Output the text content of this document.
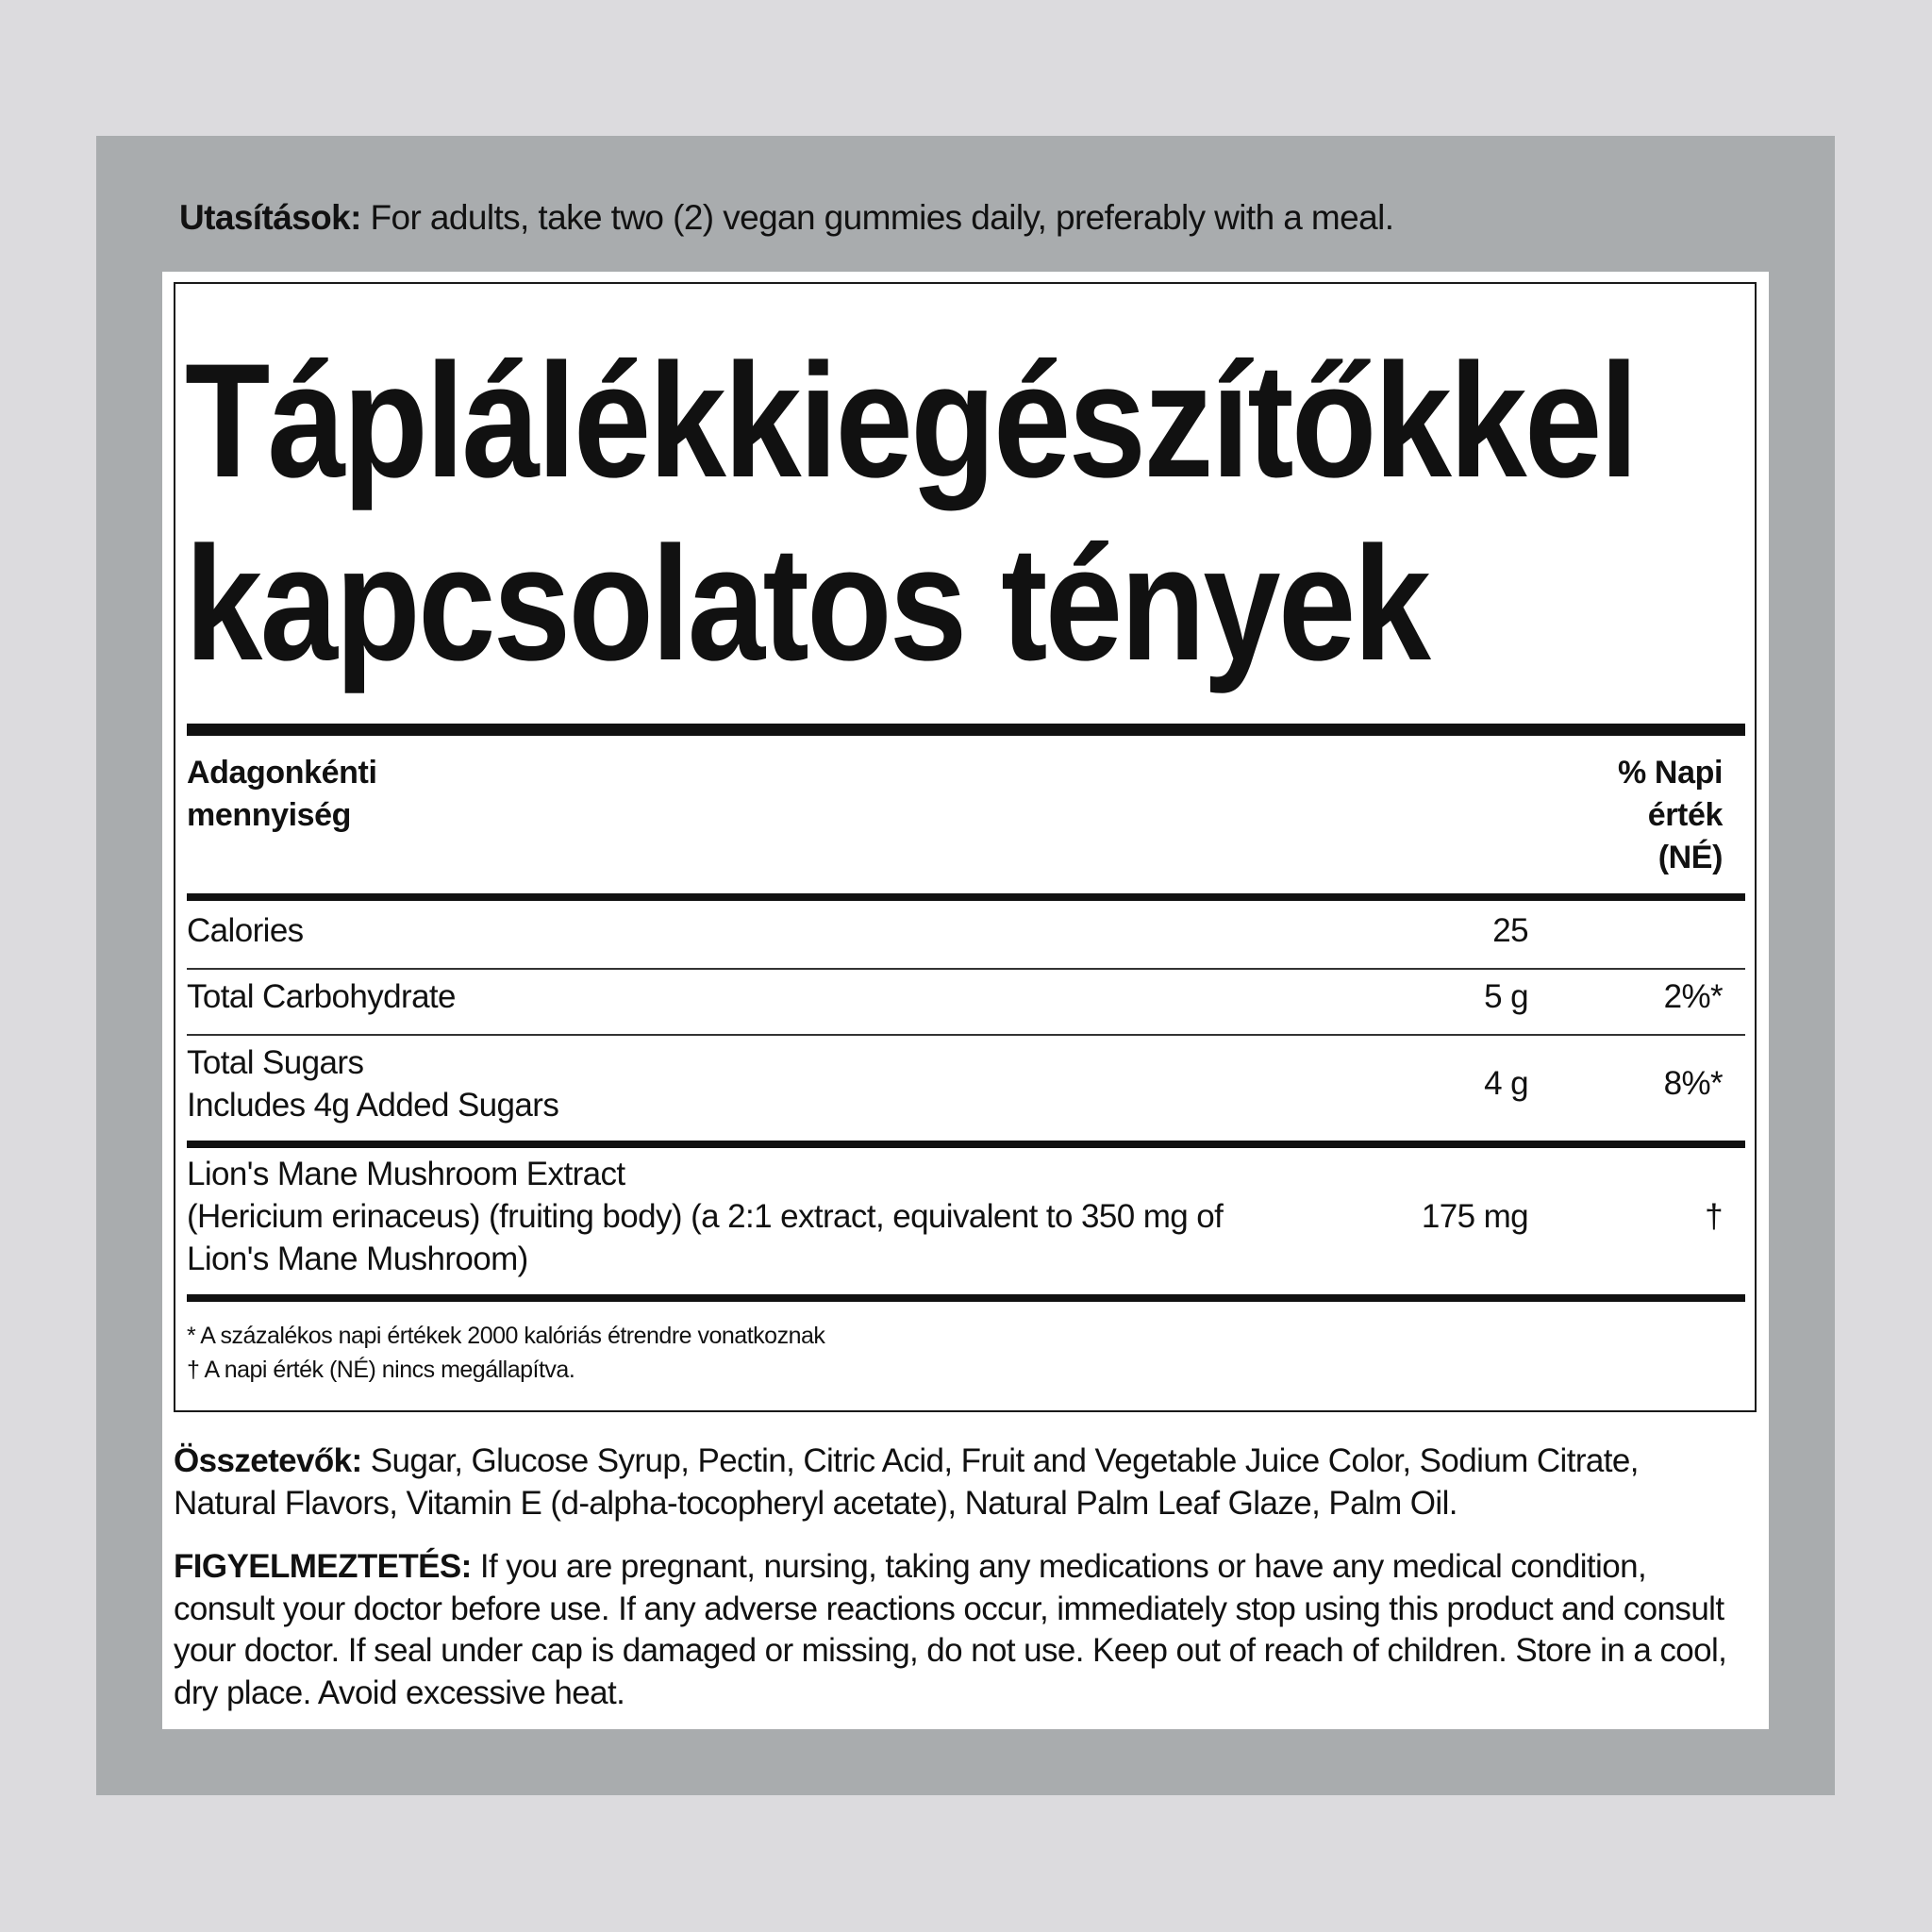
Utasítások: For adults, take two (2) vegan gummies daily, preferably with a meal.
Táplálékkiegészítőkkel
kapcsolatos tények
Adagonkénti
mennyiség
% Napi
érték
(NÉ)
Calories	25
Total Carbohydrate	5 g	2%*
Total Sugars
Includes 4g Added Sugars
4 g	8%*
Lion's Mane Mushroom Extract
(Hericium erinaceus) (fruiting body) (a 2:1 extract, equivalent to 350 mg of
Lion's Mane Mushroom)
175 mg	†
* A százalékos napi értékek 2000 kalóriás étrendre vonatkoznak
† A napi érték (NÉ) nincs megállapítva.
Összetevők: Sugar, Glucose Syrup, Pectin, Citric Acid, Fruit and Vegetable Juice Color, Sodium Citrate, Natural Flavors, Vitamin E (d-alpha-tocopheryl acetate), Natural Palm Leaf Glaze, Palm Oil.
FIGYELMEZTETÉS: If you are pregnant, nursing, taking any medications or have any medical condition, consult your doctor before use. If any adverse reactions occur, immediately stop using this product and consult your doctor. If seal under cap is damaged or missing, do not use. Keep out of reach of children. Store in a cool, dry place. Avoid excessive heat.
